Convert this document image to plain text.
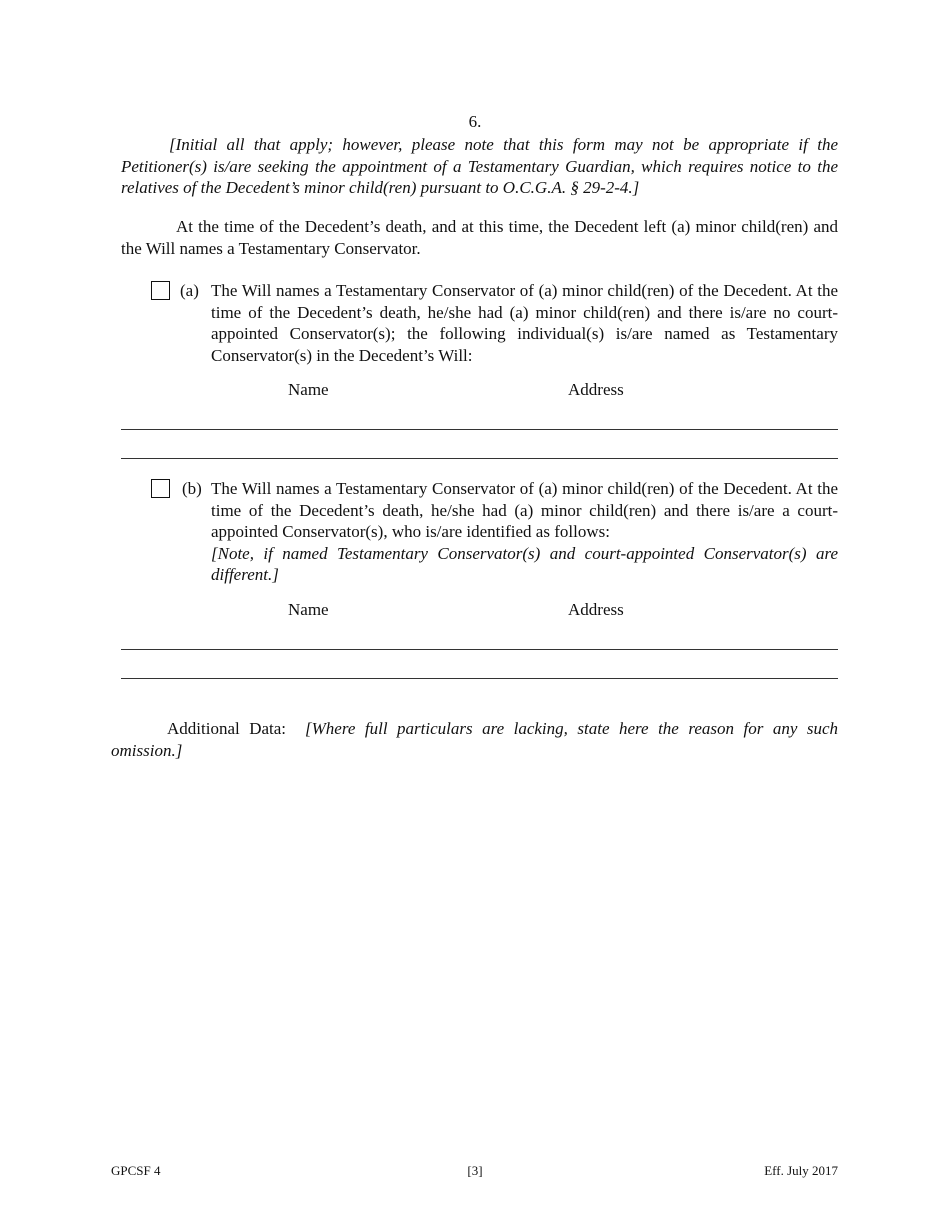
6.
[Initial all that apply; however, please note that this form may not be appropriate if the Petitioner(s) is/are seeking the appointment of a Testamentary Guardian, which requires notice to the relatives of the Decedent’s minor child(ren) pursuant to O.C.G.A. § 29-2-4.]
At the time of the Decedent’s death, and at this time, the Decedent left (a) minor child(ren) and the Will names a Testamentary Conservator.
(a) The Will names a Testamentary Conservator of (a) minor child(ren) of the Decedent. At the time of the Decedent’s death, he/she had (a) minor child(ren) and there is/are no court-appointed Conservator(s); the following individual(s) is/are named as Testamentary Conservator(s) in the Decedent’s Will:
Name	Address
(b) The Will names a Testamentary Conservator of (a) minor child(ren) of the Decedent. At the time of the Decedent’s death, he/she had (a) minor child(ren) and there is/are a court-appointed Conservator(s), who is/are identified as follows:
[Note, if named Testamentary Conservator(s) and court-appointed Conservator(s) are different.]
Name	Address
Additional Data: [Where full particulars are lacking, state here the reason for any such omission.]
GPCSF 4	[3]	Eff. July 2017
